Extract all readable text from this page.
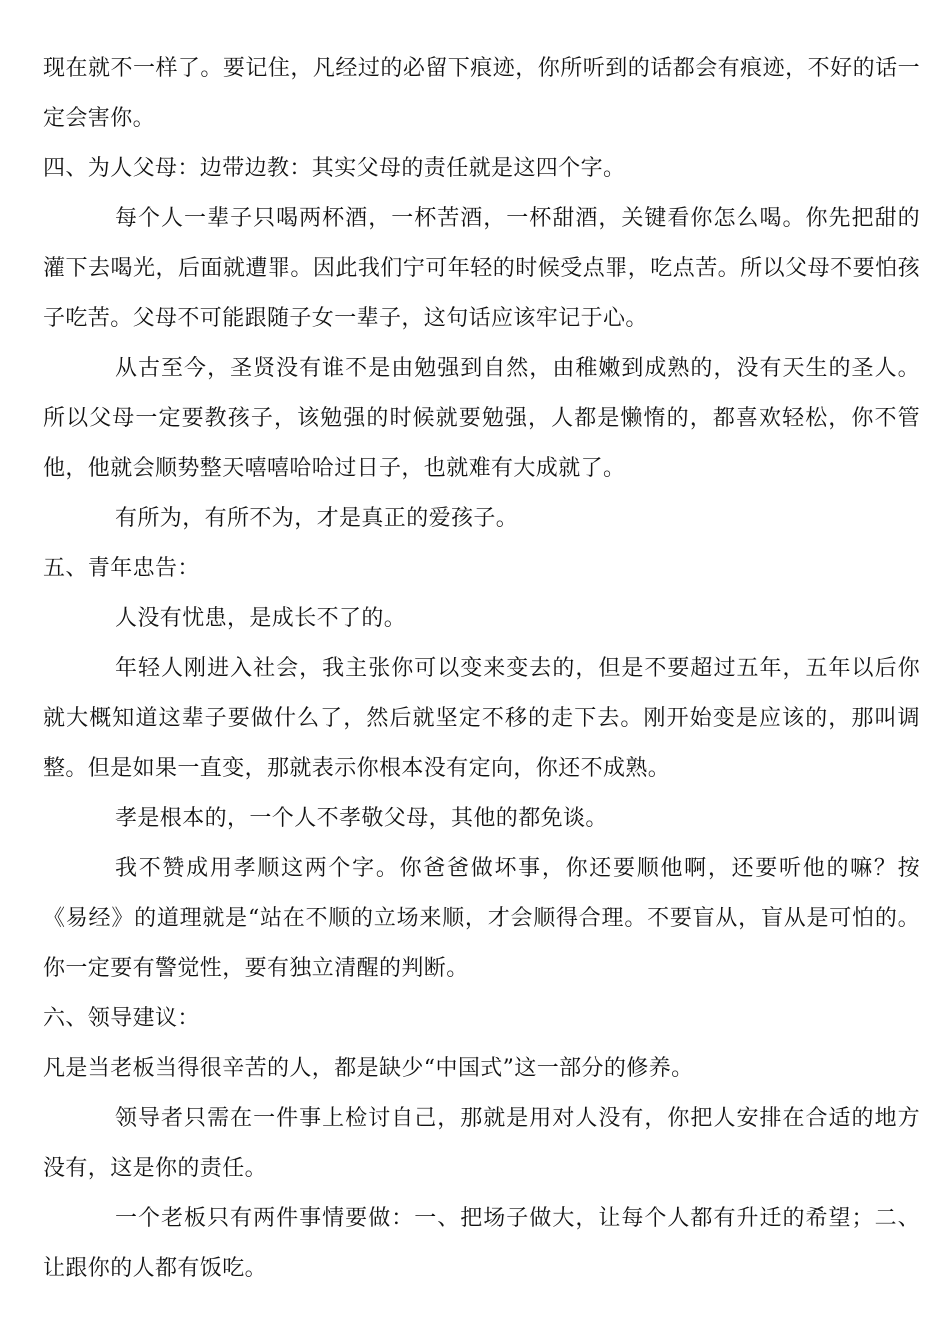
现在就不一样了。要记住，凡经过的必留下痕迹，你所听到的话都会有痕迹，不好的话一定会害你。

四、为人父母：边带边教：其实父母的责任就是这四个字。

每个人一辈子只喝两杯酒，一杯苦酒，一杯甜酒，关键看你怎么喝。你先把甜的灌下去喝光，后面就遭罪。因此我们宁可年轻的时候受点罪，吃点苦。所以父母不要怕孩子吃苦。父母不可能跟随子女一辈子，这句话应该牢记于心。

从古至今，圣贤没有谁不是由勉强到自然，由稚嫩到成熟的，没有天生的圣人。所以父母一定要教孩子，该勉强的时候就要勉强，人都是懒惰的，都喜欢轻松，你不管他，他就会顺势整天嘻嘻哈哈过日子，也就难有大成就了。

有所为，有所不为，才是真正的爱孩子。

五、青年忠告：

人没有忧患，是成长不了的。

年轻人刚进入社会，我主张你可以变来变去的，但是不要超过五年，五年以后你就大概知道这辈子要做什么了，然后就坚定不移的走下去。刚开始变是应该的，那叫调整。但是如果一直变，那就表示你根本没有定向，你还不成熟。

孝是根本的，一个人不孝敬父母，其他的都免谈。

我不赞成用孝顺这两个字。你爸爸做坏事，你还要顺他啊，还要听他的嘛？按《易经》的道理就是“站在不顺的立场来顺，才会顺得合理。不要盲从，盲从是可怕的。你一定要有警觉性，要有独立清醒的判断。

六、领导建议：

凡是当老板当得很辛苦的人，都是缺少“中国式”这一部分的修养。

领导者只需在一件事上检讨自己，那就是用对人没有，你把人安排在合适的地方没有，这是你的责任。

一个老板只有两件事情要做：一、把场子做大，让每个人都有升迁的希望；二、让跟你的人都有饭吃。
